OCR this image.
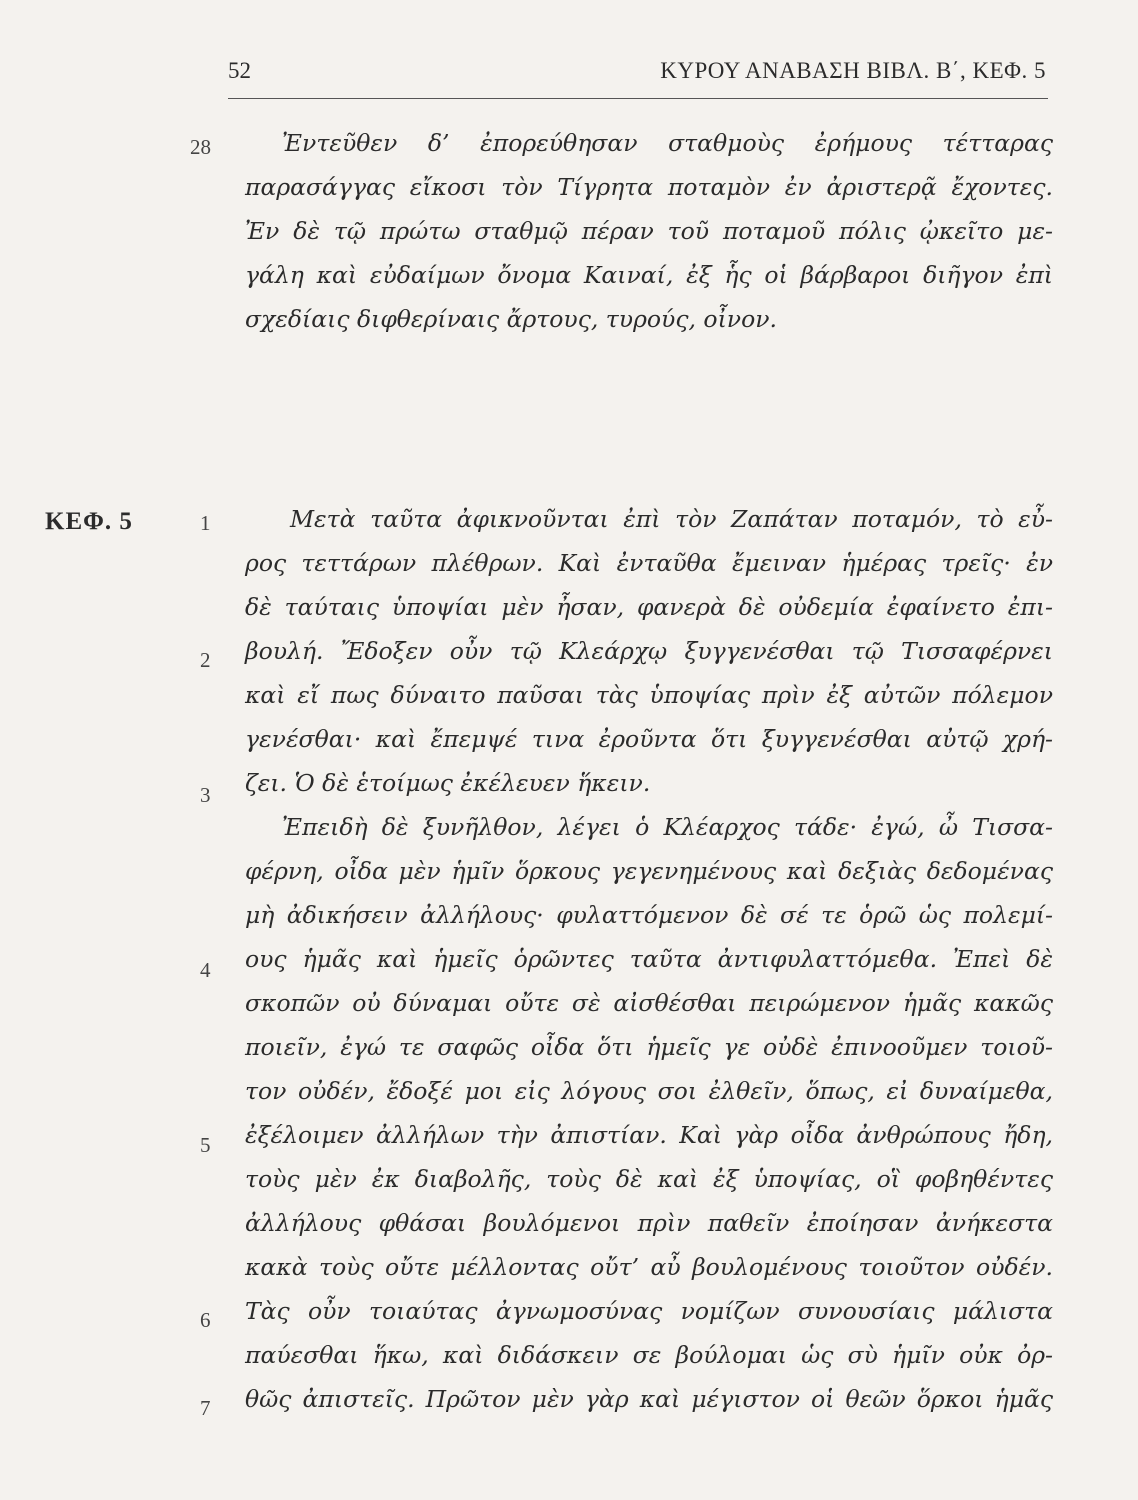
52	ΚΥΡΟΥ ΑΝΑΒΑΣΗ ΒΙΒΛ. Β΄, ΚΕΦ. 5
ΚΕΦ. 5
28
1
2
3
4
5
6
7
Ἐντεῦθεν δ’ ἐπορεύθησαν σταθμοὺς ἐρήμους τέτταρας
παρασάγγας εἴκοσι τὸν Τίγρητα ποταμὸν ἐν ἀριστερᾷ ἔχοντες.
Ἐν δὲ τῷ πρώτω σταθμῷ πέραν τοῦ ποταμοῦ πόλις ᾠκεῖτο με-
γάλη καὶ εὐδαίμων ὄνομα Καιναί, ἐξ ἧς οἱ βάρβαροι διῆγον ἐπὶ
σχεδίαις διφθερίναις ἄρτους, τυρούς, οἶνον.
Μετὰ ταῦτα ἀφικνοῦνται ἐπὶ τὸν Ζαπάταν ποταμόν, τὸ εὖ-
ρος τεττάρων πλέθρων. Καὶ ἐνταῦθα ἔμειναν ἡμέρας τρεῖς· ἐν
δὲ ταύταις ὑποψίαι μὲν ἦσαν, φανερὰ δὲ οὐδεμία ἐφαίνετο ἐπι-
βουλή. Ἔδοξεν οὖν τῷ Κλεάρχῳ ξυγγενέσθαι τῷ Τισσαφέρνει
καὶ εἴ πως δύναιτο παῦσαι τὰς ὑποψίας πρὶν ἐξ αὐτῶν πόλεμον
γενέσθαι· καὶ ἔπεμψέ τινα ἐροῦντα ὅτι ξυγγενέσθαι αὐτῷ χρή-
ζει. Ὁ δὲ ἑτοίμως ἐκέλευεν ἥκειν.
Ἐπειδὴ δὲ ξυνῆλθον, λέγει ὁ Κλέαρχος τάδε· ἐγώ, ὦ Τισσα-
φέρνη, οἶδα μὲν ἡμῖν ὅρκους γεγενημένους καὶ δεξιὰς δεδομένας
μὴ ἀδικήσειν ἀλλήλους· φυλαττόμενον δὲ σέ τε ὁρῶ ὡς πολεμί-
ους ἡμᾶς καὶ ἡμεῖς ὁρῶντες ταῦτα ἀντιφυλαττόμεθα. Ἐπεὶ δὲ
σκοπῶν οὐ δύναμαι οὔτε σὲ αἰσθέσθαι πειρώμενον ἡμᾶς κακῶς
ποιεῖν, ἐγώ τε σαφῶς οἶδα ὅτι ἡμεῖς γε οὐδὲ ἐπινοοῦμεν τοιοῦ-
τον οὐδέν, ἔδοξέ μοι εἰς λόγους σοι ἐλθεῖν, ὅπως, εἰ δυναίμεθα,
ἐξέλοιμεν ἀλλήλων τὴν ἀπιστίαν. Καὶ γὰρ οἶδα ἀνθρώπους ἤδη,
τοὺς μὲν ἐκ διαβολῆς, τοὺς δὲ καὶ ἐξ ὑποψίας, οἳ φοβηθέντες
ἀλλήλους φθάσαι βουλόμενοι πρὶν παθεῖν ἐποίησαν ἀνήκεστα
κακὰ τοὺς οὔτε μέλλοντας οὔτ’ αὖ βουλομένους τοιοῦτον οὐδέν.
Τὰς οὖν τοιαύτας ἀγνωμοσύνας νομίζων συνουσίαις μάλιστα
παύεσθαι ἥκω, καὶ διδάσκειν σε βούλομαι ὡς σὺ ἡμῖν οὐκ ὀρ-
θῶς ἀπιστεῖς. Πρῶτον μὲν γὰρ καὶ μέγιστον οἱ θεῶν ὅρκοι ἡμᾶς
